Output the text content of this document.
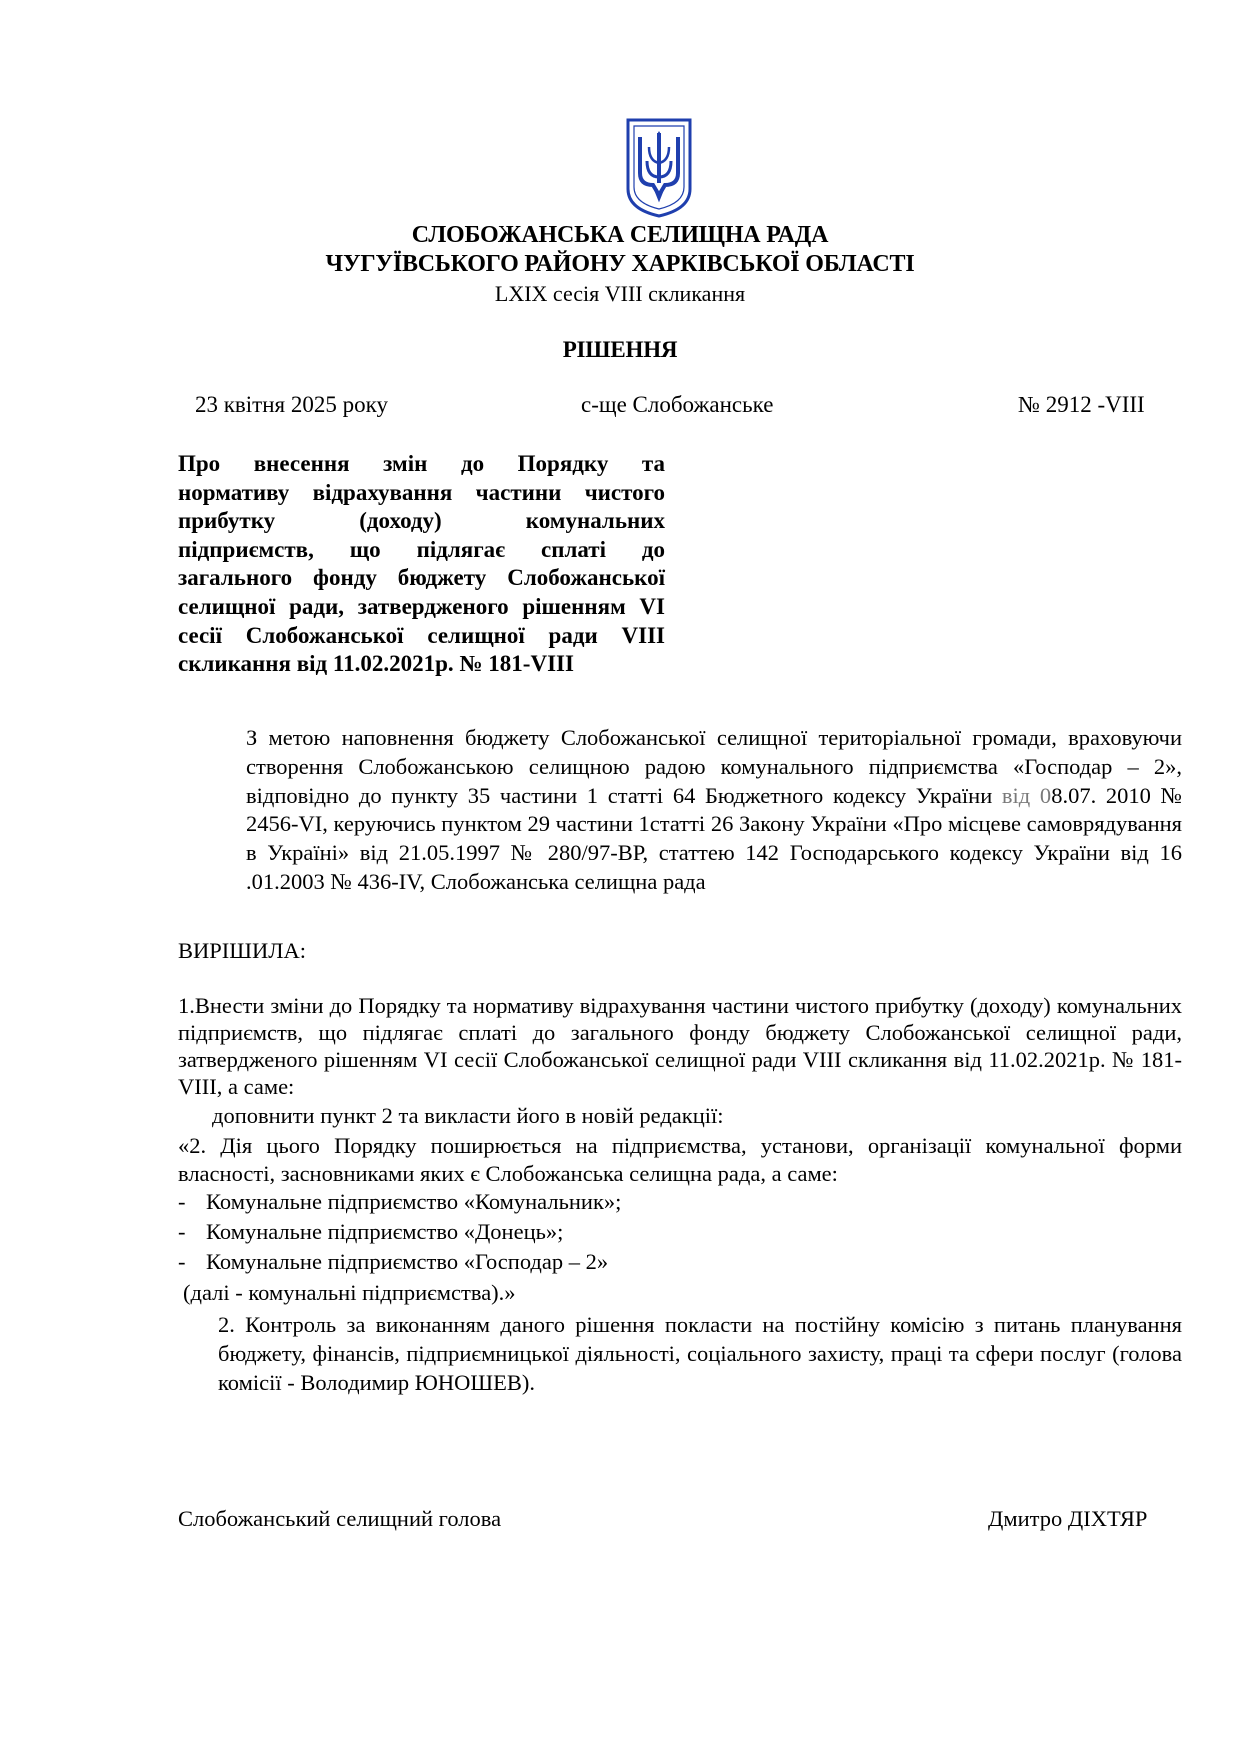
СЛОБОЖАНСЬКА СЕЛИЩНА РАДА
ЧУГУЇВСЬКОГО РАЙОНУ ХАРКІВСЬКОЇ ОБЛАСТІ
LXIX сесія VIII скликання
РІШЕННЯ
23 квітня 2025 року	с-ще Слобожанське	№ 2912 -VIII
Про внесення змін до Порядку та
нормативу відрахування частини чистого
прибутку (доходу) комунальних
підприємств, що підлягає сплаті до
загального фонду бюджету Слобожанської
селищної ради, затвердженого рішенням VI
сесії Слобожанської селищної ради VIII
скликання від 11.02.2021р. № 181-VIII
З метою наповнення бюджету Слобожанської селищної територіальної громади, враховуючи створення Слобожанською селищною радою комунального підприємства «Господар – 2», відповідно до пункту 35 частини 1 статті 64 Бюджетного кодексу України від 08.07. 2010 № 2456-VI, керуючись пунктом 29 частини 1статті 26 Закону України «Про місцеве самоврядування в Україні» від 21.05.1997 № 280/97-ВР, статтею 142 Господарського кодексу України від 16 .01.2003 № 436-IV, Слобожанська селищна рада
ВИРІШИЛА:
1.Внести зміни до Порядку та нормативу відрахування частини чистого прибутку (доходу) комунальних підприємств, що підлягає сплаті до загального фонду бюджету Слобожанської селищної ради, затвердженого рішенням VI сесії Слобожанської селищної ради VIII скликання від 11.02.2021р. № 181-VIII, а саме:
доповнити пункт 2 та викласти його в новій редакції:
«2. Дія цього Порядку поширюється на підприємства, установи, організації комунальної форми власності, засновниками яких є Слобожанська селищна рада, а саме:
- Комунальне підприємство «Комунальник»;
- Комунальне підприємство «Донець»;
- Комунальне підприємство «Господар – 2»
(далі - комунальні підприємства).»
2. Контроль за виконанням даного рішення покласти на постійну комісію з питань планування бюджету, фінансів, підприємницької діяльності, соціального захисту, праці та сфери послуг (голова комісії - Володимир ЮНОШЕВ).
Слобожанський селищний голова	Дмитро ДІХТЯР
